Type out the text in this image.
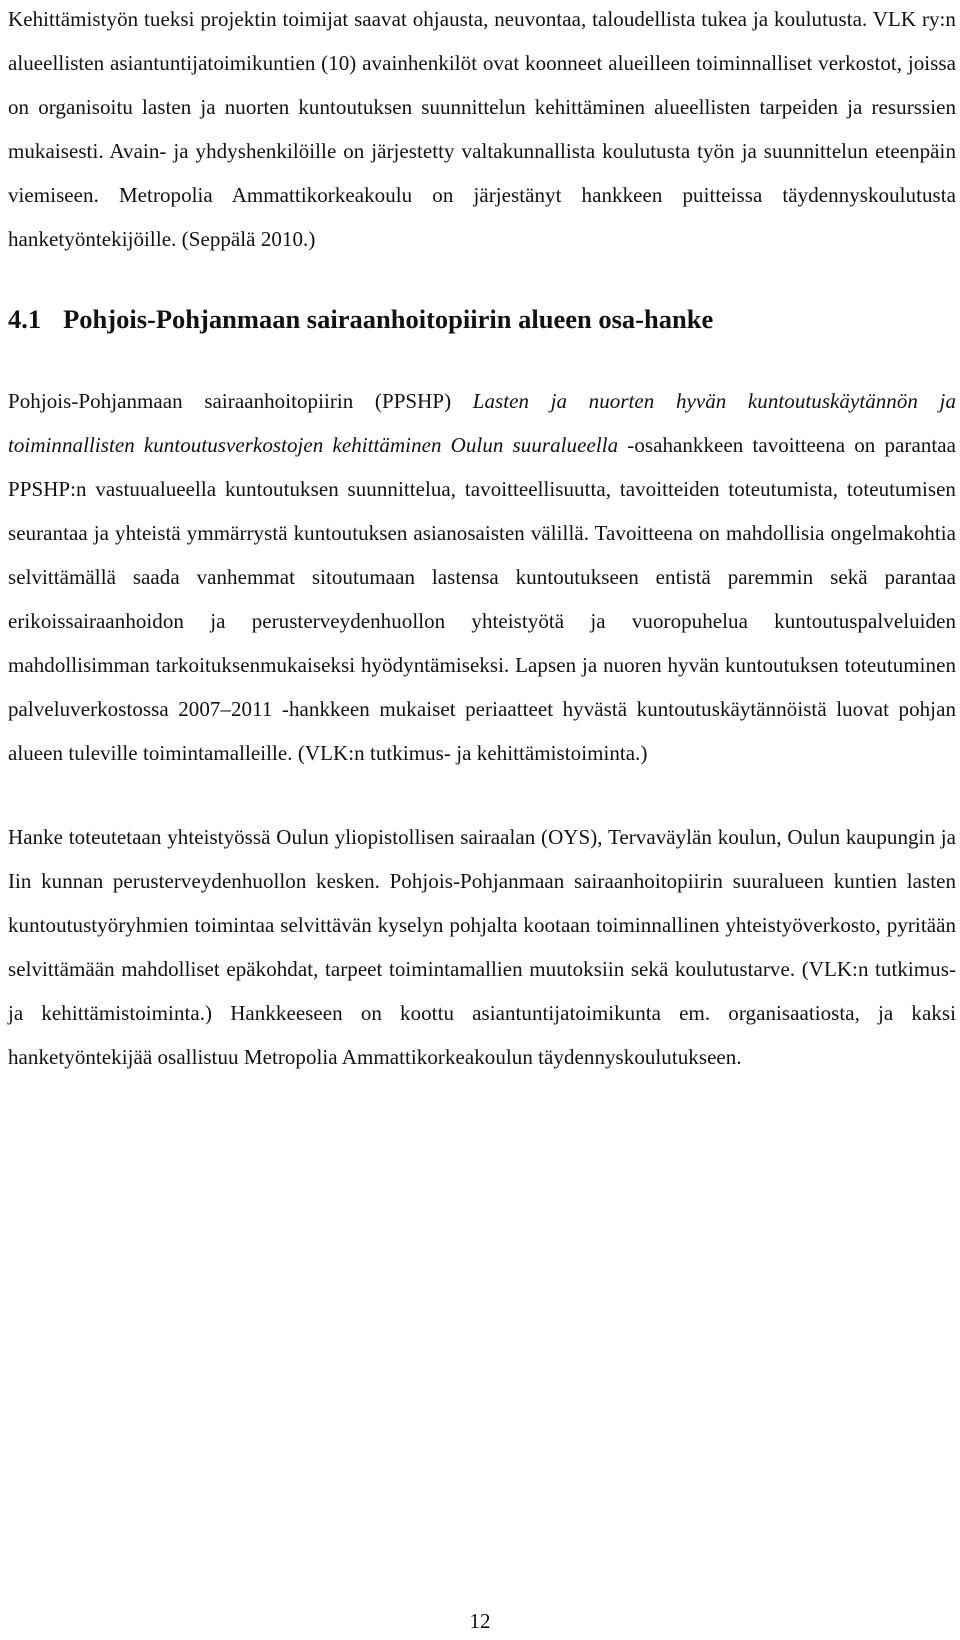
Kehittämistyön tueksi projektin toimijat saavat ohjausta, neuvontaa, taloudellista tukea ja koulutusta. VLK ry:n alueellisten asiantuntijatoimikuntien (10) avainhenkilöt ovat koonneet alueilleen toiminnalliset verkostot, joissa on organisoitu lasten ja nuorten kuntoutuksen suunnittelun kehittäminen alueellisten tarpeiden ja resurssien mukaisesti. Avain- ja yhdyshenkilöille on järjestetty valtakunnallista koulutusta työn ja suunnittelun eteenpäin viemiseen. Metropolia Ammattikorkeakoulu on järjestänyt hankkeen puitteissa täydennyskoulutusta hanketyöntekijöille. (Seppälä 2010.)

4.1 Pohjois-Pohjanmaan sairaanhoitopiirin alueen osa-hanke

Pohjois-Pohjanmaan sairaanhoitopiirin (PPSHP) Lasten ja nuorten hyvän kuntoutuskäytännön ja toiminnallisten kuntoutusverkostojen kehittäminen Oulun suuralueella -osahankkeen tavoitteena on parantaa PPSHP:n vastuualueella kuntoutuksen suunnittelua, tavoitteellisuutta, tavoitteiden toteutumista, toteutumisen seurantaa ja yhteistä ymmärrystä kuntoutuksen asianosaisten välillä. Tavoitteena on mahdollisia ongelmakohtia selvittämällä saada vanhemmat sitoutumaan lastensa kuntoutukseen entistä paremmin sekä parantaa erikoissairaanhoidon ja perusterveydenhuollon yhteistyötä ja vuoropuhelua kuntoutuspalveluiden mahdollisimman tarkoituksenmukaiseksi hyödyntämiseksi. Lapsen ja nuoren hyvän kuntoutuksen toteutuminen palveluverkostossa 2007–2011 -hankkeen mukaiset periaatteet hyvästä kuntoutuskäytännöistä luovat pohjan alueen tuleville toimintamalleille. (VLK:n tutkimus- ja kehittämistoiminta.)

Hanke toteutetaan yhteistyössä Oulun yliopistollisen sairaalan (OYS), Tervaväylän koulun, Oulun kaupungin ja Iin kunnan perusterveydenhuollon kesken. Pohjois-Pohjanmaan sairaanhoitopiirin suuralueen kuntien lasten kuntoutustyöryhmien toimintaa selvittävän kyselyn pohjalta kootaan toiminnallinen yhteistyöverkosto, pyritään selvittämään mahdolliset epäkohdat, tarpeet toimintamallien muutoksiin sekä koulutustarve. (VLK:n tutkimus- ja kehittämistoiminta.) Hankkeeseen on koottu asiantuntijatoimikunta em. organisaatiosta, ja kaksi hanketyöntekijää osallistuu Metropolia Ammattikorkeakoulun täydennyskoulutukseen.

12
